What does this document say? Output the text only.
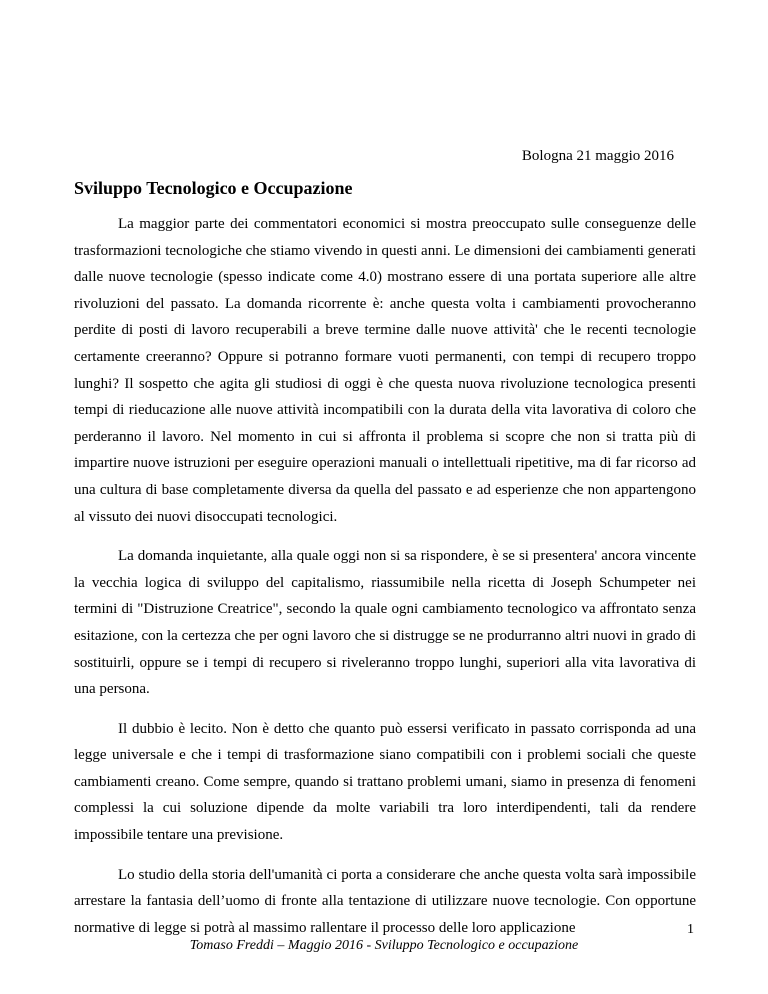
Bologna 21 maggio 2016
Sviluppo Tecnologico e Occupazione

La maggior parte dei commentatori economici si mostra preoccupato sulle conseguenze delle trasformazioni tecnologiche che stiamo vivendo in questi anni. Le dimensioni dei cambiamenti generati dalle nuove tecnologie (spesso indicate come 4.0) mostrano essere di una portata superiore alle altre rivoluzioni del passato. La domanda ricorrente è: anche questa volta i cambiamenti provocheranno perdite di posti di lavoro recuperabili a breve termine dalle nuove attività' che le recenti tecnologie certamente creeranno? Oppure si potranno formare vuoti permanenti, con tempi di recupero troppo lunghi? Il sospetto che agita gli studiosi di oggi è che questa nuova rivoluzione tecnologica presenti tempi di rieducazione alle nuove attività incompatibili con la durata della vita lavorativa di coloro che perderanno il lavoro. Nel momento in cui si affronta il problema si scopre che non si tratta più di impartire nuove istruzioni per eseguire operazioni manuali o intellettuali ripetitive, ma di far ricorso ad una cultura di base completamente diversa da quella del passato e ad esperienze che non appartengono al vissuto dei nuovi disoccupati tecnologici.

La domanda inquietante, alla quale oggi non si sa rispondere, è se si presentera' ancora vincente la vecchia logica di sviluppo del capitalismo, riassumibile nella ricetta di Joseph Schumpeter nei termini di "Distruzione Creatrice", secondo la quale ogni cambiamento tecnologico va affrontato senza esitazione, con la certezza che per ogni lavoro che si distrugge se ne produrranno altri nuovi in grado di sostituirli, oppure se i tempi di recupero si riveleranno troppo lunghi, superiori alla vita lavorativa di una persona.

Il dubbio è lecito. Non è detto che quanto può essersi verificato in passato corrisponda ad una legge universale e che i tempi di trasformazione siano compatibili con i problemi sociali che queste cambiamenti creano. Come sempre, quando si trattano problemi umani, siamo in presenza di fenomeni complessi la cui soluzione dipende da molte variabili tra loro interdipendenti, tali da rendere impossibile tentare una previsione.

Lo studio della storia dell'umanità ci porta a considerare che anche questa volta sarà impossibile arrestare la fantasia dell’uomo di fronte alla tentazione di utilizzare nuove tecnologie. Con opportune normative di legge si potrà al massimo rallentare il processo delle loro applicazione	1
Tomaso Freddi – Maggio 2016 - Sviluppo Tecnologico e occupazione
